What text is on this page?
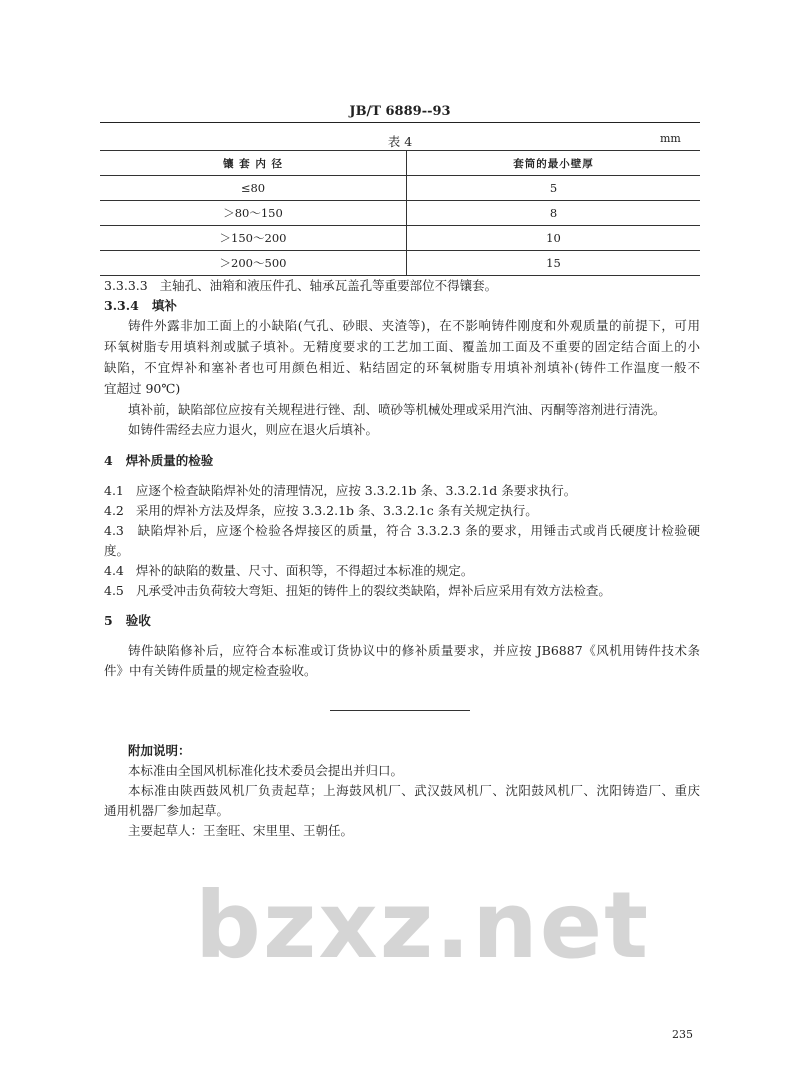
JB/T 6889--93
表 4	mm
镶 套 内 径	套筒的最小壁厚
≤80	5
＞80～150	8
＞150～200	10
＞200～500	15
3.3.3.3 主轴孔、油箱和液压件孔、轴承瓦盖孔等重要部位不得镶套。
3.3.4 填补
铸件外露非加工面上的小缺陷(气孔、砂眼、夹渣等)，在不影响铸件刚度和外观质量的前提下，可用
环氧树脂专用填料剂或腻子填补。无精度要求的工艺加工面、覆盖加工面及不重要的固定结合面上的小
缺陷，不宜焊补和塞补者也可用颜色相近、粘结固定的环氧树脂专用填补剂填补(铸件工作温度一般不
宜超过 90℃)
填补前，缺陷部位应按有关规程进行锉、刮、喷砂等机械处理或采用汽油、丙酮等溶剂进行清洗。
如铸件需经去应力退火，则应在退火后填补。
4 焊补质量的检验
4.1 应逐个检查缺陷焊补处的清理情况，应按 3.3.2.1b 条、3.3.2.1d 条要求执行。
4.2 采用的焊补方法及焊条，应按 3.3.2.1b 条、3.3.2.1c 条有关规定执行。
4.3 缺陷焊补后，应逐个检验各焊接区的质量，符合 3.3.2.3 条的要求，用锤击式或肖氏硬度计检验硬
度。
4.4 焊补的缺陷的数量、尺寸、面积等，不得超过本标准的规定。
4.5 凡承受冲击负荷较大弯矩、扭矩的铸件上的裂纹类缺陷，焊补后应采用有效方法检查。
5 验收
铸件缺陷修补后，应符合本标准或订货协议中的修补质量要求，并应按 JB6887《风机用铸件技术条
件》中有关铸件质量的规定检查验收。
附加说明：
本标准由全国风机标准化技术委员会提出并归口。
本标准由陕西鼓风机厂负责起草；上海鼓风机厂、武汉鼓风机厂、沈阳鼓风机厂、沈阳铸造厂、重庆
通用机器厂参加起草。
主要起草人：王奎旺、宋里里、王朝任。
bzxz.net
235
